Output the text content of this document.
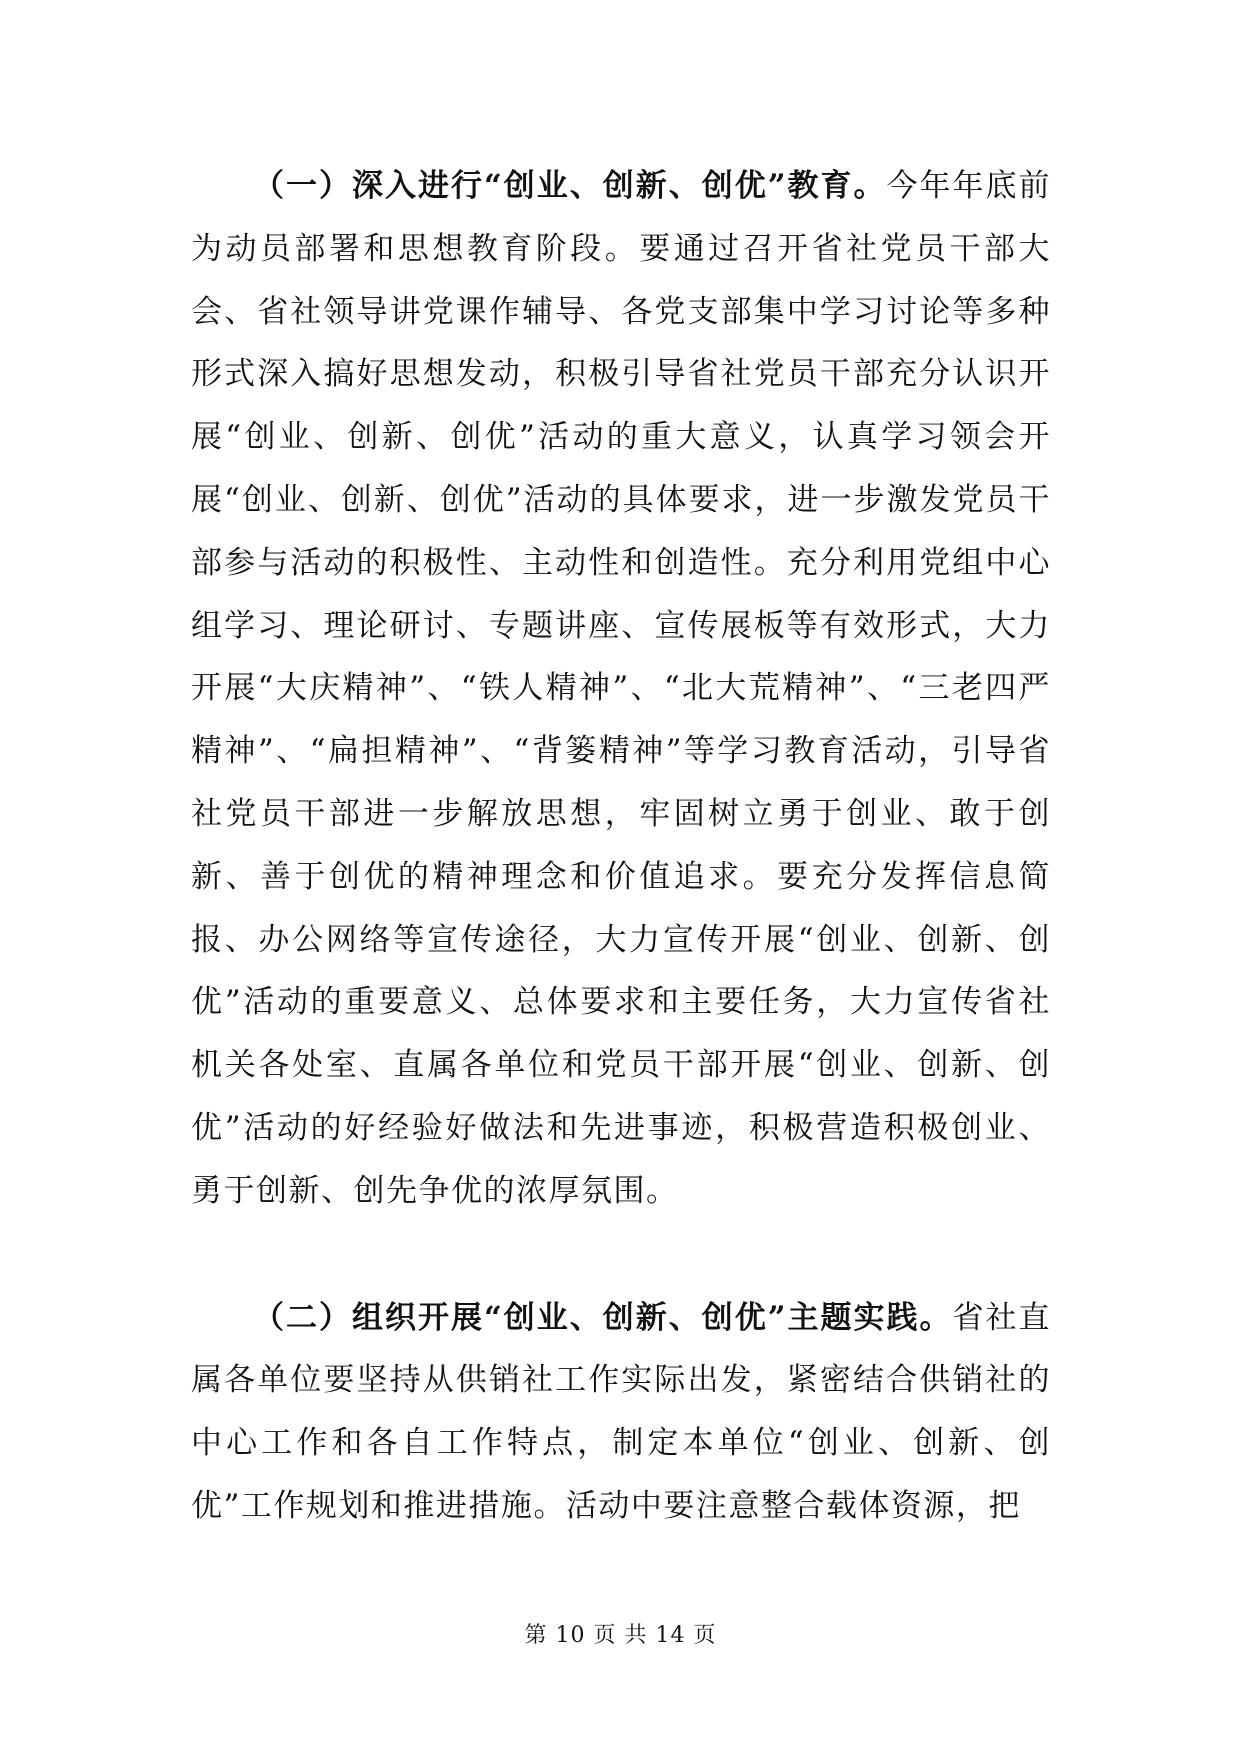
（一）深入进行“创业、创新、创优”教育。今年年底前为动员部署和思想教育阶段。要通过召开省社党员干部大会、省社领导讲党课作辅导、各党支部集中学习讨论等多种形式深入搞好思想发动，积极引导省社党员干部充分认识开展“创业、创新、创优”活动的重大意义，认真学习领会开展“创业、创新、创优”活动的具体要求，进一步激发党员干部参与活动的积极性、主动性和创造性。充分利用党组中心组学习、理论研讨、专题讲座、宣传展板等有效形式，大力开展“大庆精神”、“铁人精神”、“北大荒精神”、“三老四严精神”、“扁担精神”、“背篓精神”等学习教育活动，引导省社党员干部进一步解放思想，牢固树立勇于创业、敢于创新、善于创优的精神理念和价值追求。要充分发挥信息简报、办公网络等宣传途径，大力宣传开展“创业、创新、创优”活动的重要意义、总体要求和主要任务，大力宣传省社机关各处室、直属各单位和党员干部开展“创业、创新、创优”活动的好经验好做法和先进事迹，积极营造积极创业、勇于创新、创先争优的浓厚氛围。

（二）组织开展“创业、创新、创优”主题实践。省社直属各单位要坚持从供销社工作实际出发，紧密结合供销社的中心工作和各自工作特点，制定本单位“创业、创新、创优”工作规划和推进措施。活动中要注意整合载体资源，把

第 10 页 共 14 页
